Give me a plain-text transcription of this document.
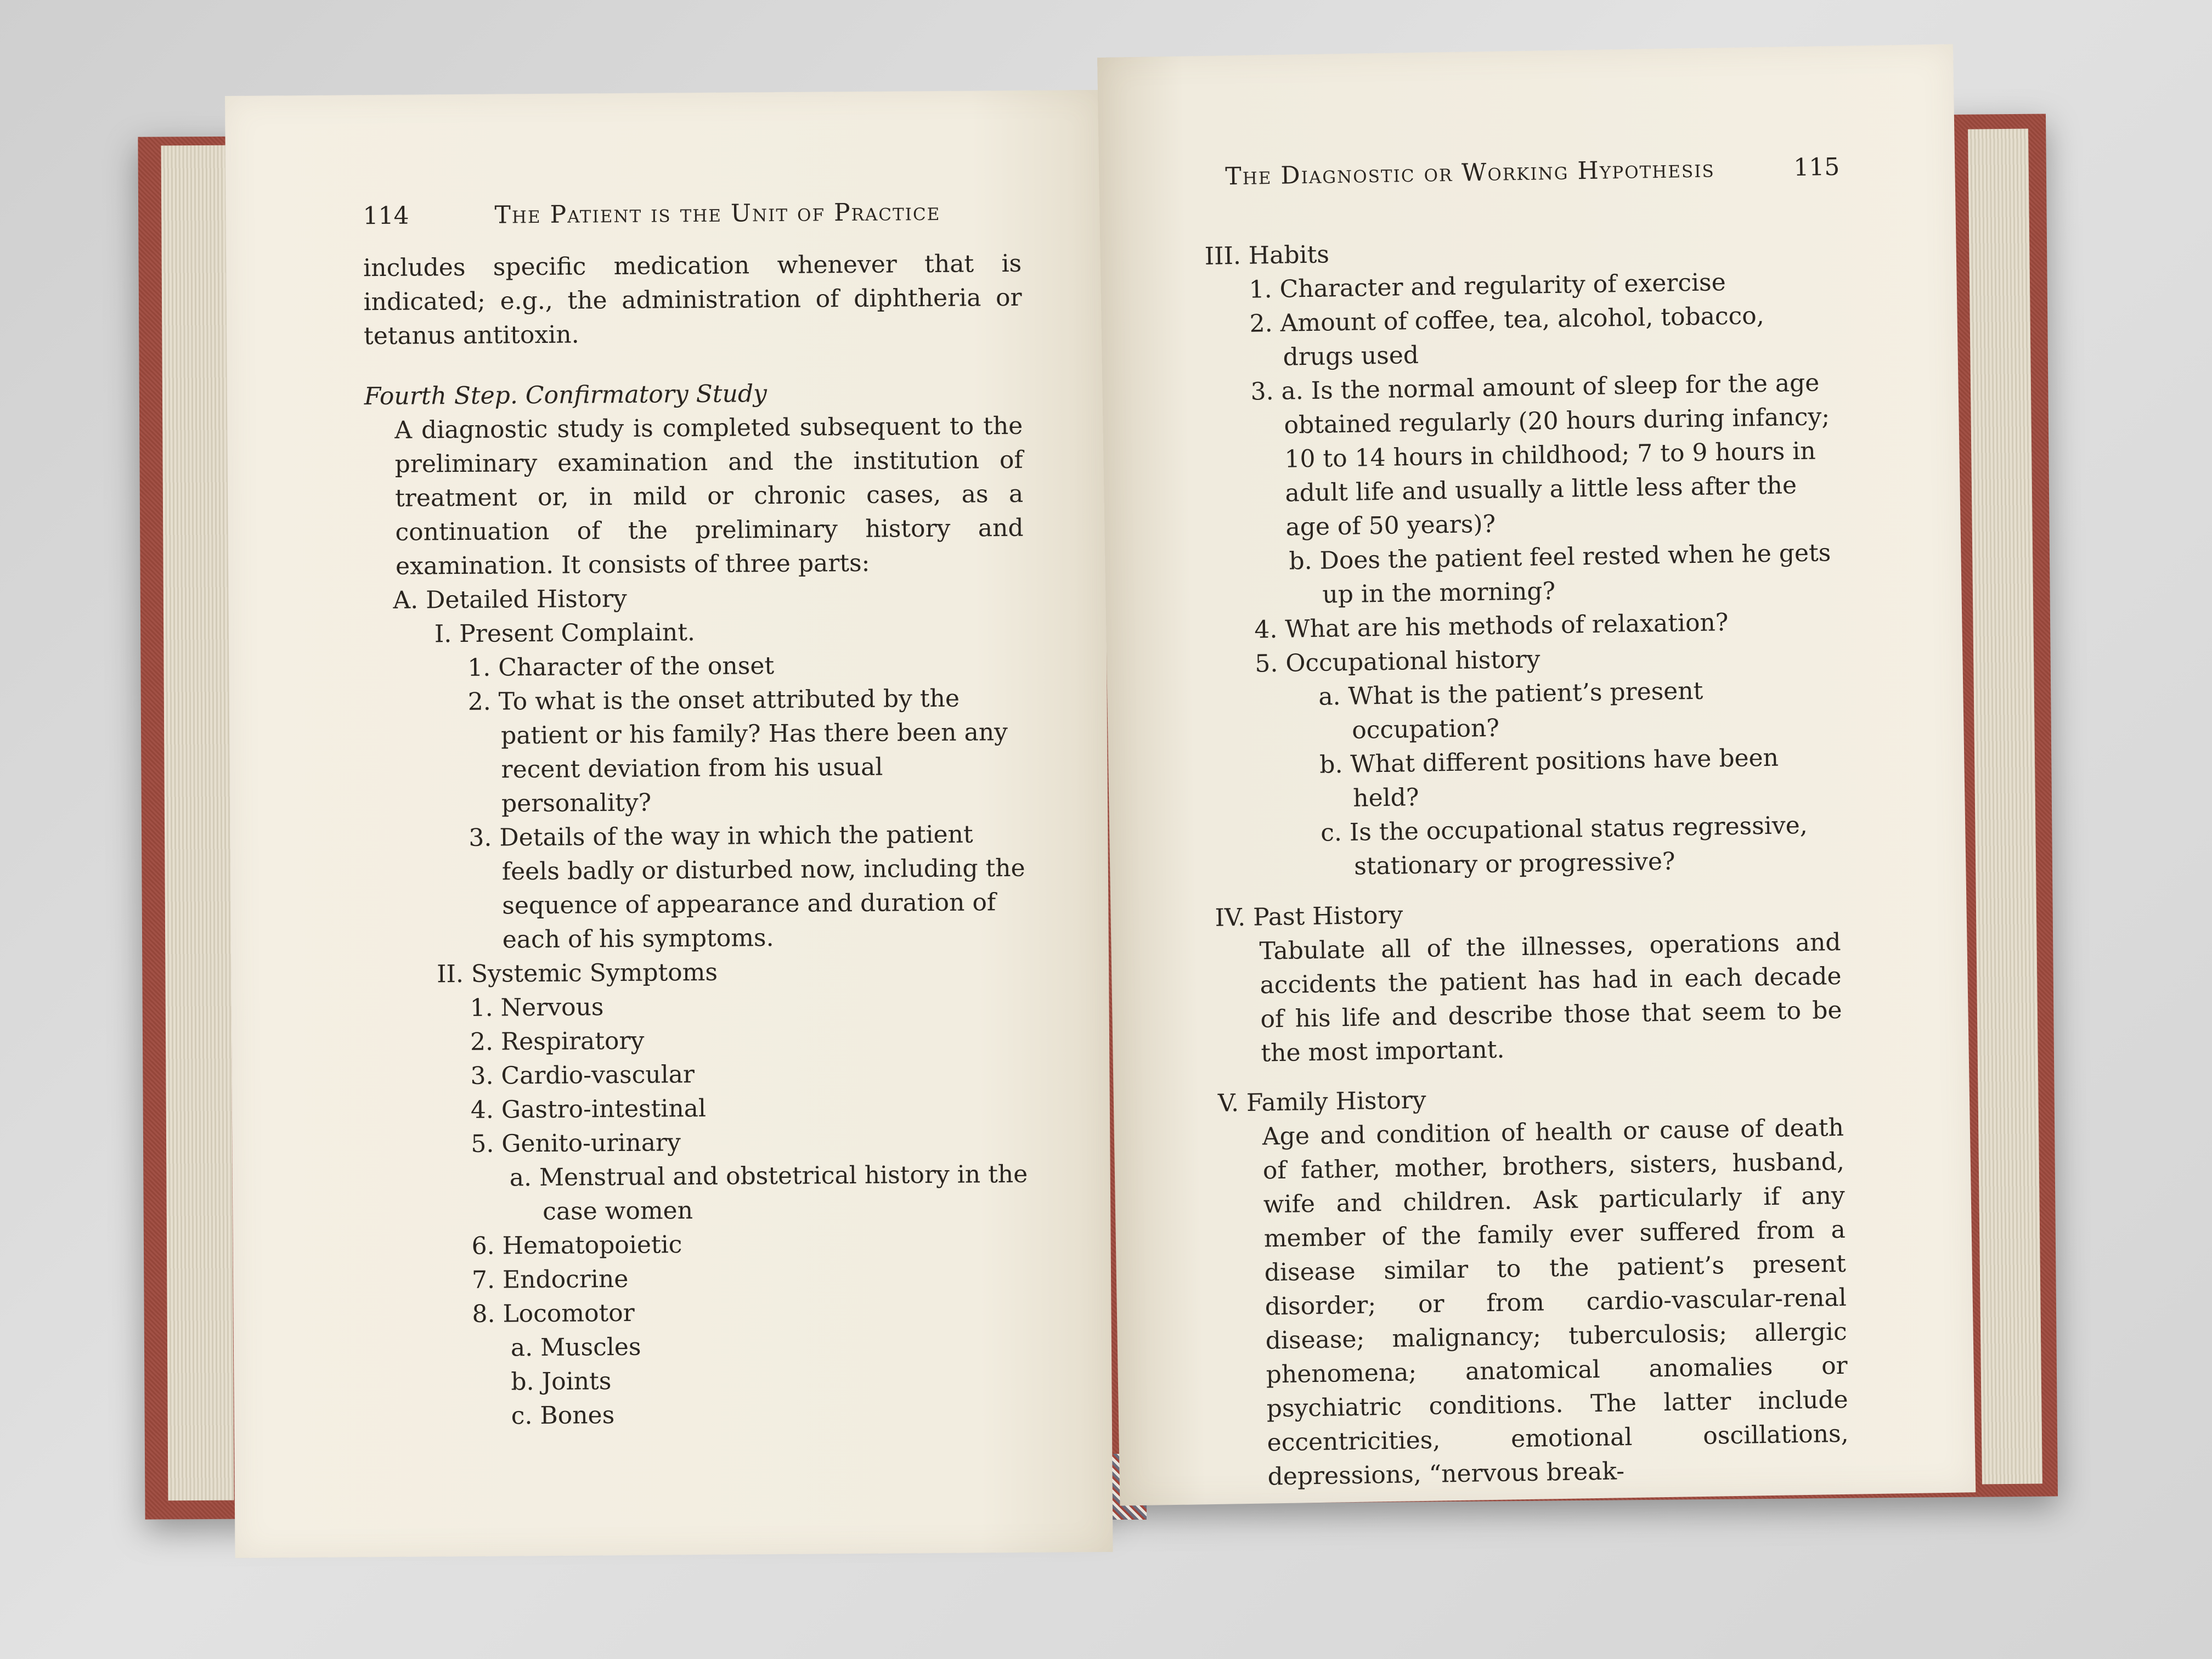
114	The Patient is the Unit of Practice

includes specific medication whenever that is indicated; e.g., the administration of diphtheria or tetanus antitoxin.

Fourth Step. Confirmatory Study

A diagnostic study is completed subsequent to the preliminary examination and the institution of treatment or, in mild or chronic cases, as a continuation of the preliminary history and examination. It consists of three parts:

A. Detailed History

I. Present Complaint.

1. Character of the onset

2. To what is the onset attributed by the patient or his family? Has there been any recent deviation from his usual personality?

3. Details of the way in which the patient feels badly or disturbed now, including the sequence of appearance and duration of each of his symptoms.

II. Systemic Symptoms

1. Nervous

2. Respiratory

3. Cardio-vascular

4. Gastro-intestinal

5. Genito-urinary

a. Menstrual and obstetrical history in the case women

6. Hematopoietic

7. Endocrine

8. Locomotor

a. Muscles

b. Joints

c. Bones

The Diagnostic or Working Hypothesis	115

III. Habits

1. Character and regularity of exercise

2. Amount of coffee, tea, alcohol, tobacco, drugs used

3. a. Is the normal amount of sleep for the age obtained regularly (20 hours during infancy; 10 to 14 hours in childhood; 7 to 9 hours in adult life and usually a little less after the age of 50 years)?

b. Does the patient feel rested when he gets up in the morning?

4. What are his methods of relaxation?

5. Occupational history

a. What is the patient’s present occupation?

b. What different positions have been held?

c. Is the occupational status regressive, stationary or progressive?

IV. Past History

Tabulate all of the illnesses, operations and accidents the patient has had in each decade of his life and describe those that seem to be the most important.

V. Family History

Age and condition of health or cause of death of father, mother, brothers, sisters, husband, wife and children. Ask particularly if any member of the family ever suffered from a disease similar to the patient’s present disorder; or from cardio-vascular-renal disease; malignancy; tuberculosis; allergic phenomena; anatomical anomalies or psychiatric conditions. The latter include eccentricities, emotional oscillations, depressions, “nervous break-
